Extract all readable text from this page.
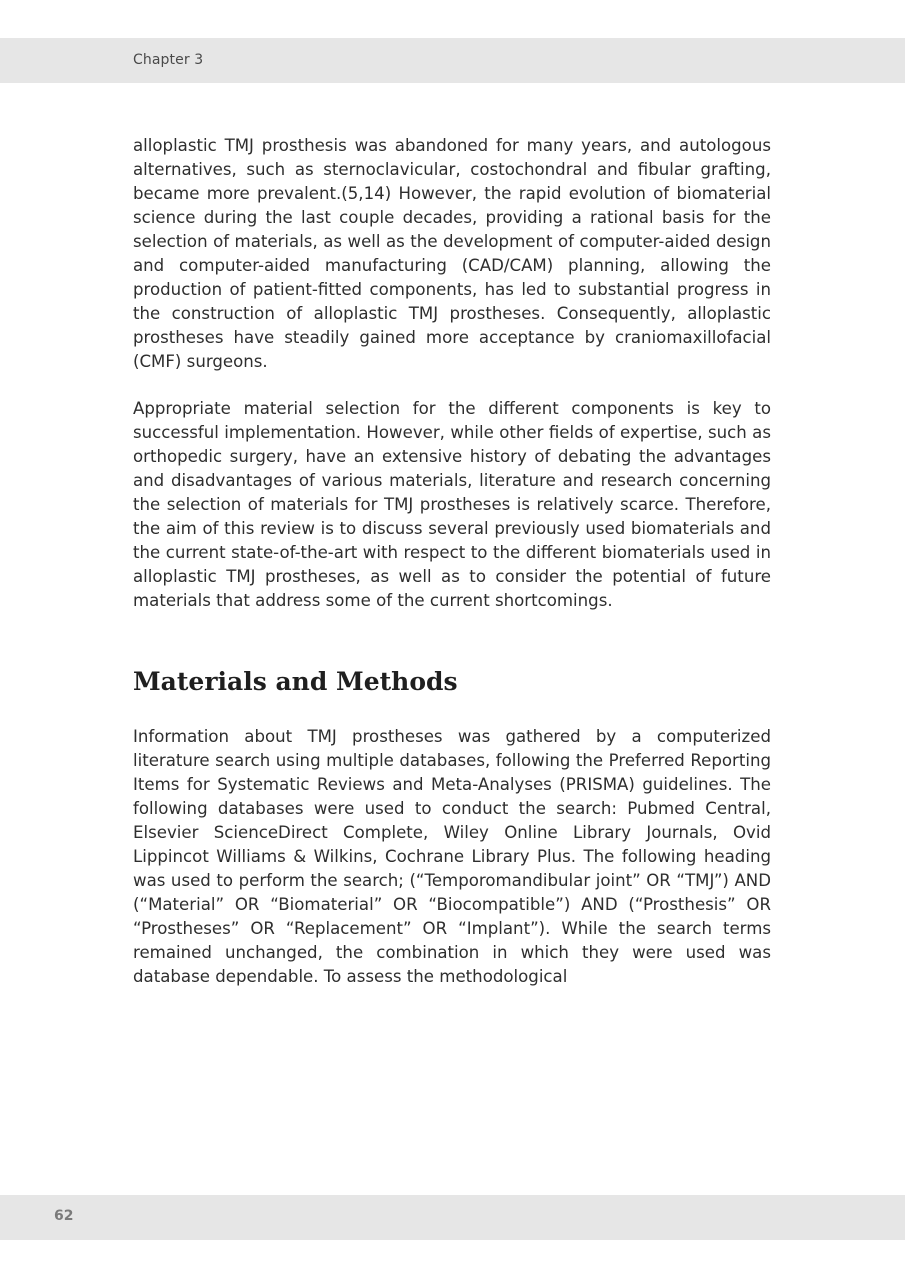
Chapter 3

alloplastic TMJ prosthesis was abandoned for many years, and autologous alternatives, such as sternoclavicular, costochondral and fibular grafting, became more prevalent.(5,14) However, the rapid evolution of biomaterial science during the last couple decades, providing a rational basis for the selection of materials, as well as the development of computer-aided design and computer-aided manufacturing (CAD/CAM) planning, allowing the production of patient-fitted components, has led to substantial progress in the construction of alloplastic TMJ prostheses. Consequently, alloplastic prostheses have steadily gained more acceptance by craniomaxillofacial (CMF) surgeons.

Appropriate material selection for the different components is key to successful implementation. However, while other fields of expertise, such as orthopedic surgery, have an extensive history of debating the advantages and disadvantages of various materials, literature and research concerning the selection of materials for TMJ prostheses is relatively scarce. Therefore, the aim of this review is to discuss several previously used biomaterials and the current state-of-the-art with respect to the different biomaterials used in alloplastic TMJ prostheses, as well as to consider the potential of future materials that address some of the current shortcomings.

Materials and Methods

Information about TMJ prostheses was gathered by a computerized literature search using multiple databases, following the Preferred Reporting Items for Systematic Reviews and Meta-Analyses (PRISMA) guidelines. The following databases were used to conduct the search: Pubmed Central, Elsevier ScienceDirect Complete, Wiley Online Library Journals, Ovid Lippincot Williams & Wilkins, Cochrane Library Plus. The following heading was used to perform the search; (“Temporomandibular joint” OR “TMJ”) AND (“Material” OR “Biomaterial” OR “Biocompatible”) AND (“Prosthesis” OR “Prostheses” OR “Replacement” OR “Implant”). While the search terms remained unchanged, the combination in which they were used was database dependable. To assess the methodological

62
